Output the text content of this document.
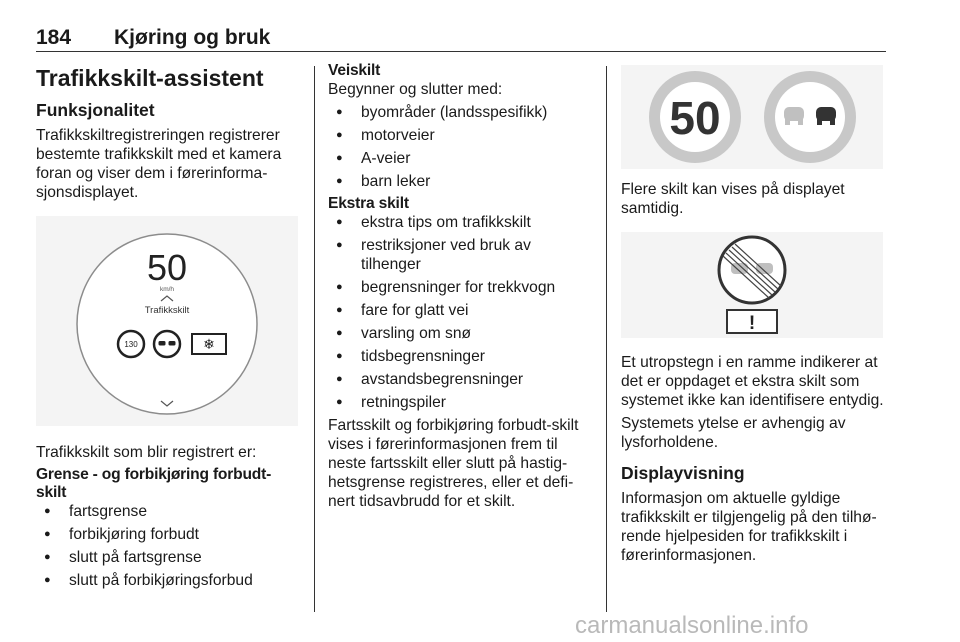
184 Kjøring og bruk
Trafikkskilt-assistent
Funksjonalitet

Trafikkskiltregistreringen registrerer bestemte trafikkskilt med et kamera foran og viser dem i førerinformasjonsdisplayet.

50
km/h
Trafikkskilt
130	❄

Trafikkskilt som blir registrert er:

Grense - og forbikjøring forbudt-skilt
● fartsgrense
● forbikjøring forbudt
● slutt på fartsgrense
● slutt på forbikjøringsforbud
Veiskilt

Begynner og slutter med:

● byområder (landsspesifikk)
● motorveier
● A-veier
● barn leker
Ekstra skilt
● ekstra tips om trafikkskilt
● restriksjoner ved bruk av tilhenger
● begrensninger for trekkvogn
● fare for glatt vei
● varsling om snø
● tidsbegrensninger
● avstandsbegrensninger
● retningspiler

Fartsskilt og forbikjøring forbudt-skilt vises i førerinformasjonen frem til neste fartsskilt eller slutt på hastighetsgrense registreres, eller et definert tidsavbrudd for et skilt.

50

Flere skilt kan vises på displayet samtidig.

!

Et utropstegn i en ramme indikerer at det er oppdaget et ekstra skilt som systemet ikke kan identifisere entydig.

Systemets ytelse er avhengig av lysforholdene.

Displayvisning

Informasjon om aktuelle gyldige trafikkskilt er tilgjengelig på den tilhørende hjelpesiden for trafikkskilt i førerinformasjonen.

carmanualsonline.info
